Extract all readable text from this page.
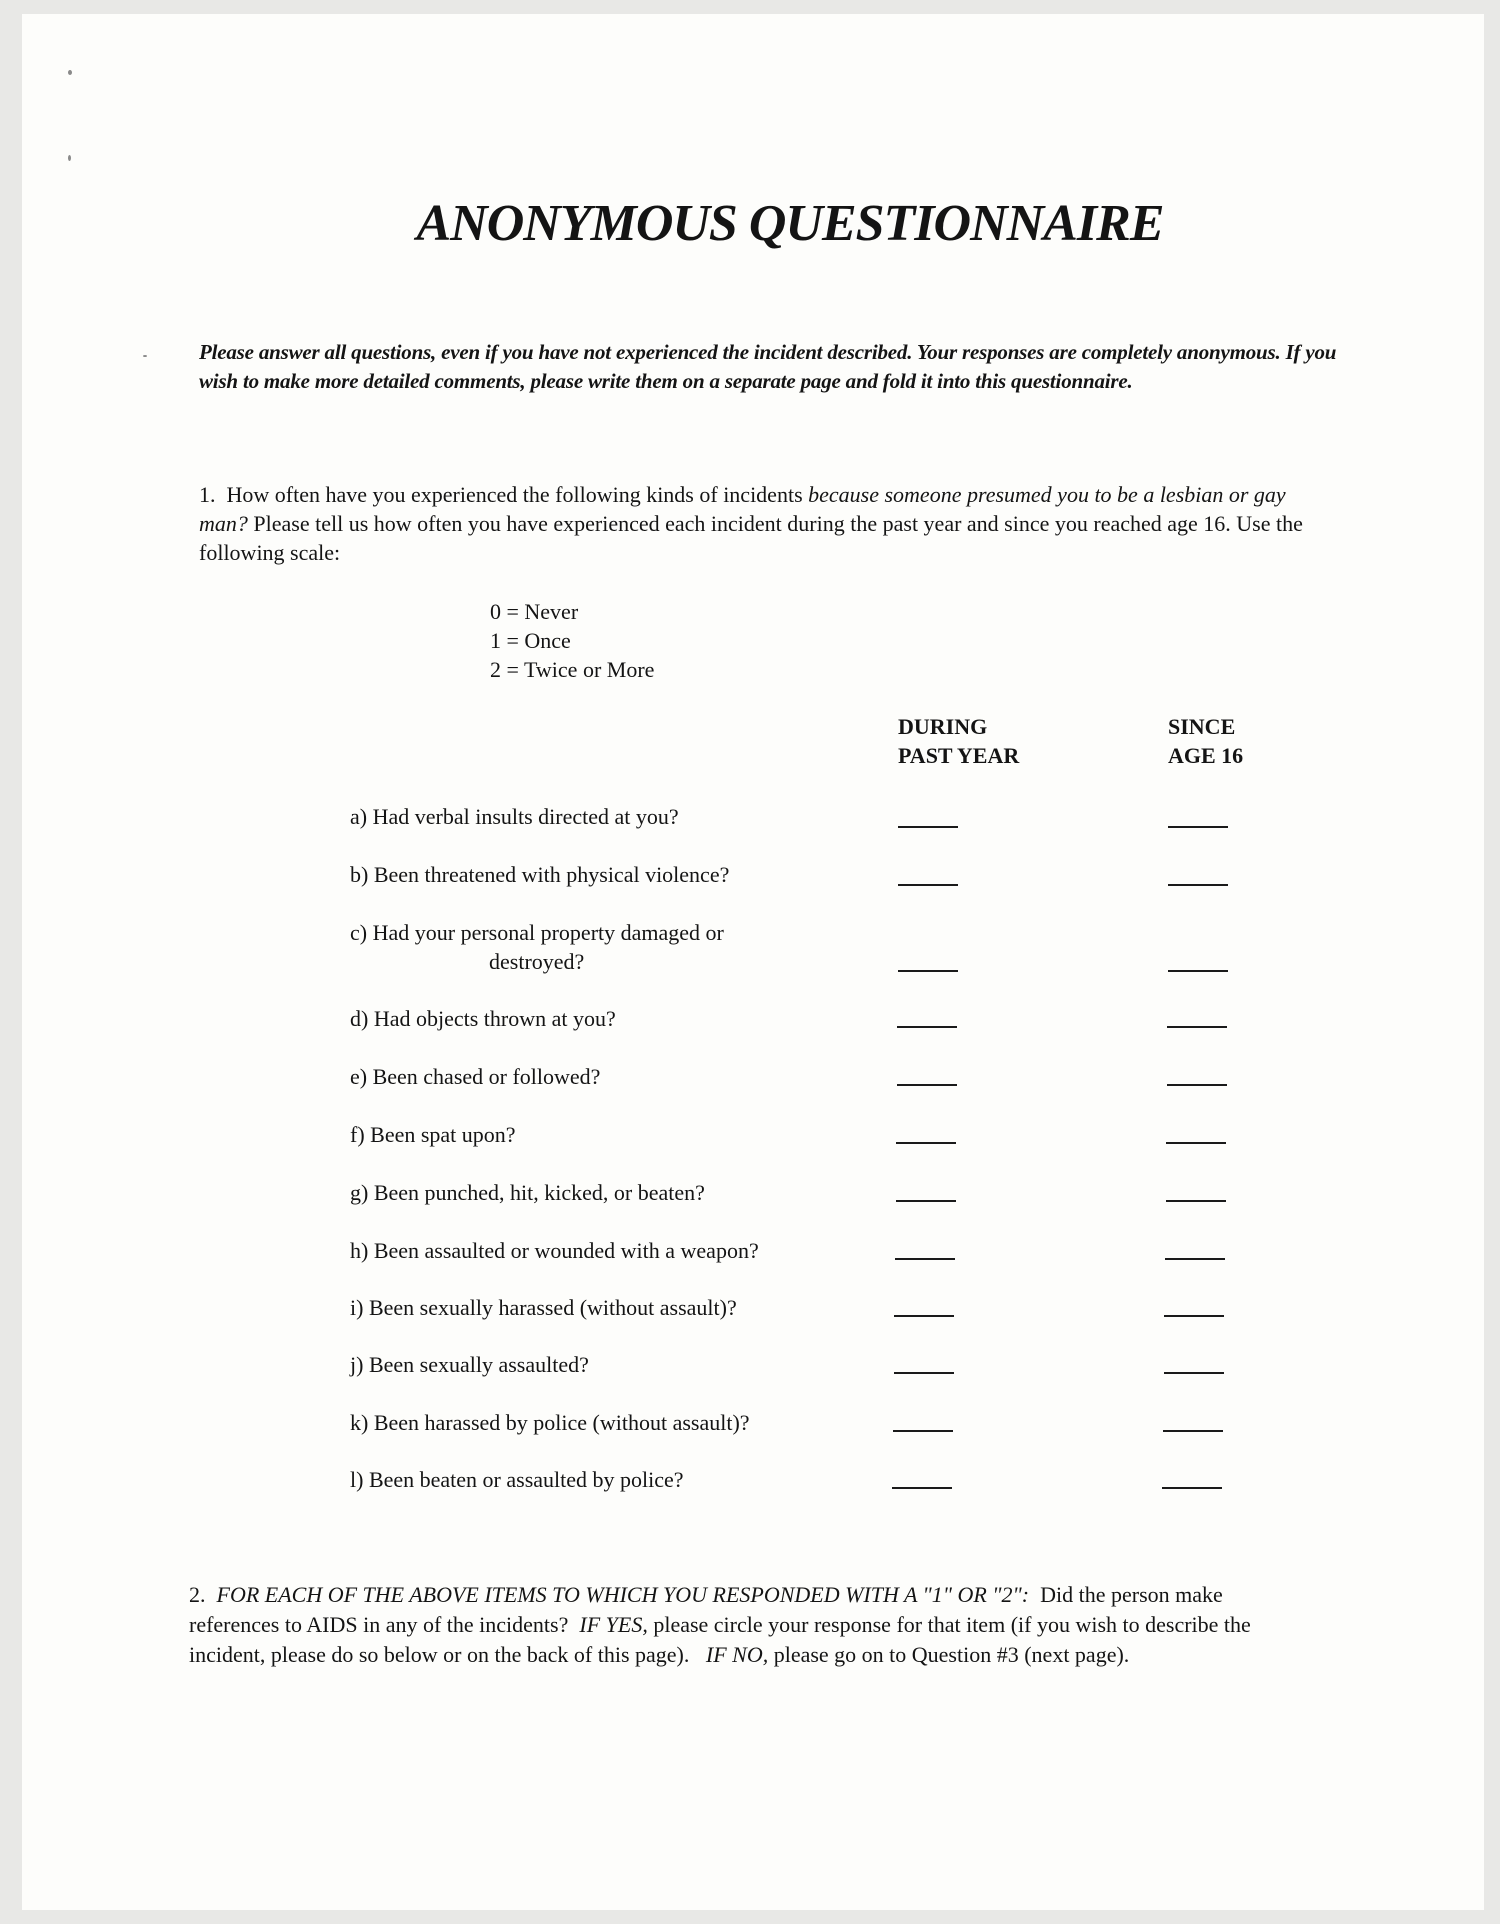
ANONYMOUS QUESTIONNAIRE
Please answer all questions, even if you have not experienced the incident described. Your responses are completely anonymous. If you wish to make more detailed comments, please write them on a separate page and fold it into this questionnaire.
1. How often have you experienced the following kinds of incidents because someone presumed you to be a lesbian or gay man? Please tell us how often you have experienced each incident during the past year and since you reached age 16. Use the following scale:
0 = Never
1 = Once
2 = Twice or More
DURING
PAST YEAR
SINCE
AGE 16
a) Had verbal insults directed at you?
b) Been threatened with physical violence?
c) Had your personal property damaged or
destroyed?
d) Had objects thrown at you?
e) Been chased or followed?
f) Been spat upon?
g) Been punched, hit, kicked, or beaten?
h) Been assaulted or wounded with a weapon?
i) Been sexually harassed (without assault)?
j) Been sexually assaulted?
k) Been harassed by police (without assault)?
l) Been beaten or assaulted by police?
2. FOR EACH OF THE ABOVE ITEMS TO WHICH YOU RESPONDED WITH A "1" OR "2": Did the person make references to AIDS in any of the incidents? IF YES, please circle your response for that item (if you wish to describe the incident, please do so below or on the back of this page). IF NO, please go on to Question #3 (next page).
